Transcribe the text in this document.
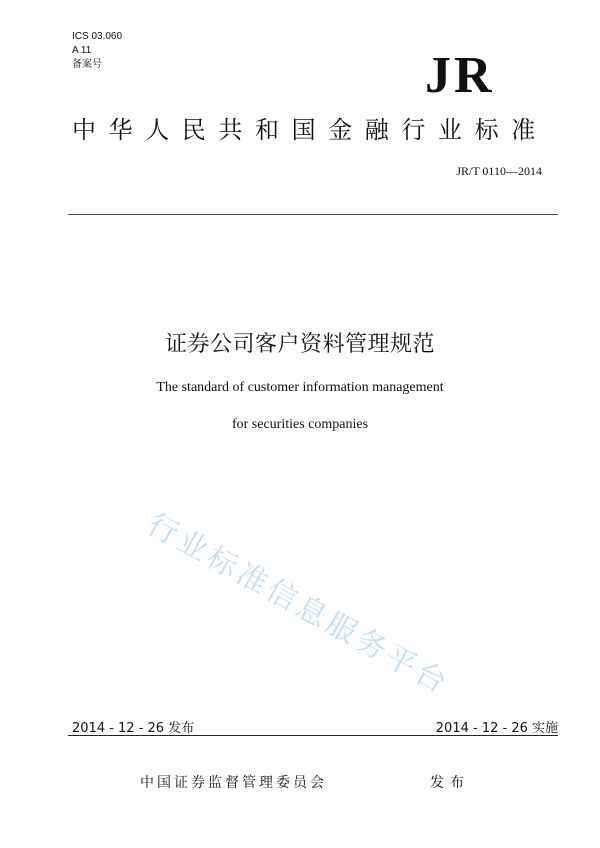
ICS 03.060
A 11
备案号	JR
中华人民共和国金融行业标准
JR/T 0110—2014
证券公司客户资料管理规范
The standard of customer information management
for securities companies
行业标准信息服务平台
2014 - 12 - 26 发布	2014 - 12 - 26 实施
中国证券监督管理委员会	发布
